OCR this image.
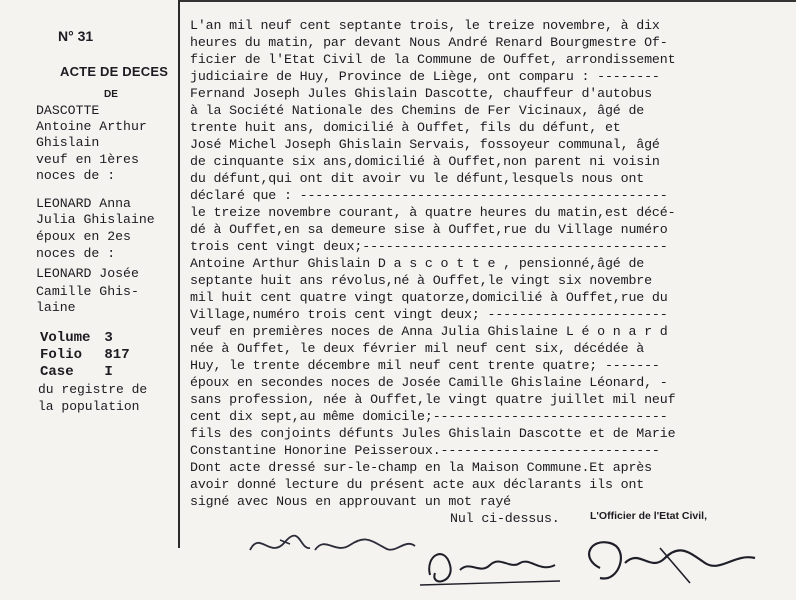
N° 31
ACTE DE DECES
DE
DASCOTTE
Antoine Arthur
Ghislain
veuf en 1ères
noces de :
LEONARD Anna
Julia Ghislaine
époux en 2es
noces de :
LEONARD Josée
Camille Ghis-
laine
Volume 3
Folio 817
Case I
du registre de
la population
L'an mil neuf cent septante trois, le treize novembre, à dix
heures du matin, par devant Nous André Renard Bourgmestre Of-
ficier de l'Etat Civil de la Commune de Ouffet, arrondissement
judiciaire de Huy, Province de Liège, ont comparu : --------
Fernand Joseph Jules Ghislain Dascotte, chauffeur d'autobus
à la Société Nationale des Chemins de Fer Vicinaux, âgé de
trente huit ans, domicilié à Ouffet, fils du défunt, et
José Michel Joseph Ghislain Servais, fossoyeur communal, âgé
de cinquante six ans,domicilié à Ouffet,non parent ni voisin
du défunt,qui ont dit avoir vu le défunt,lesquels nous ont
déclaré que : -----------------------------------------------
le treize novembre courant, à quatre heures du matin,est décé-
dé à Ouffet,en sa demeure sise à Ouffet,rue du Village numéro
trois cent vingt deux;---------------------------------------
Antoine Arthur Ghislain D a s c o t t e , pensionné,âgé de
septante huit ans révolus,né à Ouffet,le vingt six novembre
mil huit cent quatre vingt quatorze,domicilié à Ouffet,rue du
Village,numéro trois cent vingt deux; -----------------------
veuf en premières noces de Anna Julia Ghislaine L é o n a r d
née à Ouffet, le deux février mil neuf cent six, décédée à
Huy, le trente décembre mil neuf cent trente quatre; -------
époux en secondes noces de Josée Camille Ghislaine Léonard, -
sans profession, née à Ouffet,le vingt quatre juillet mil neuf
cent dix sept,au même domicile;------------------------------
fils des conjoints défunts Jules Ghislain Dascotte et de Marie
Constantine Honorine Peisseroux.----------------------------
Dont acte dressé sur-le-champ en la Maison Commune.Et après
avoir donné lecture du présent acte aux déclarants ils ont
signé avec Nous en approuvant un mot rayé
Nul ci-dessus.	L'Officier de l'Etat Civil,
